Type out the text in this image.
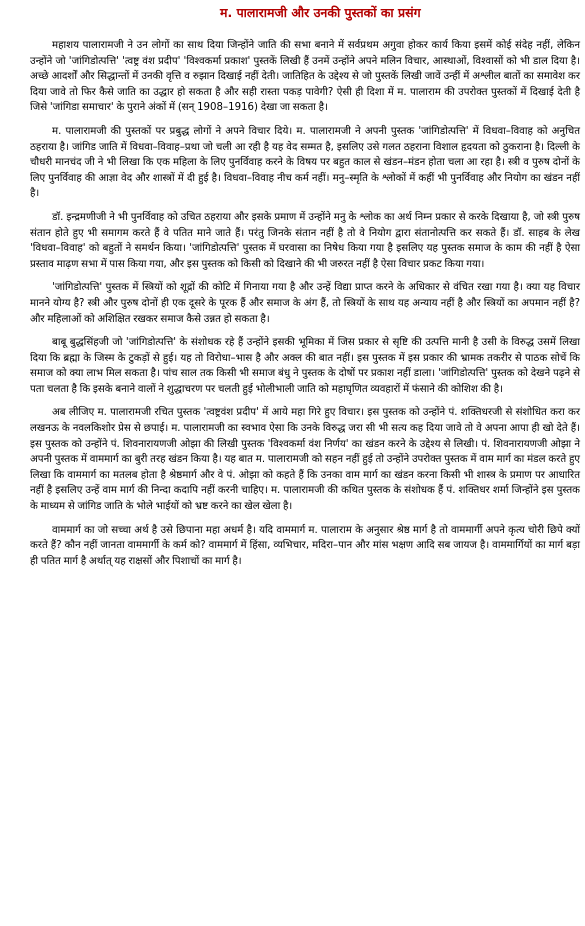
म. पालारामजी और उनकी पुस्तकों का प्रसंग

महाशय पालारामजी ने उन लोगों का साथ दिया जिन्होंने जाति की सभा बनाने में सर्वप्रथम अगुवा होकर कार्य किया इसमें कोई संदेह नहीं, लेकिन उन्होंने जो 'जांगिडोत्पत्ति' 'त्वष्ट्र वंश प्रदीप' 'विश्वकर्मा प्रकाश' पुस्तकें लिखी हैं उनमें उन्होंने अपने मलिन विचार, आस्थाओं, विश्वासों को भी डाल दिया है। अच्छे आदर्शों और सिद्धान्तों में उनकी वृत्ति व रुझान दिखाई नहीं देती। जातिहित के उद्देश्य से जो पुस्तकें लिखी जावें उन्हीं में अश्लील बातों का समावेश कर दिया जावे तो फिर कैसे जाति का उद्धार हो सकता है और सही रास्ता पकड़ पावेगी? ऐसी ही दिशा में म. पालाराम की उपरोक्त पुस्तकों में दिखाई देती है जिसे 'जांगिडा समाचार' के पुराने अंकों में (सन् 1908–1916) देखा जा सकता है।

म. पालारामजी की पुस्तकों पर प्रबुद्ध लोगों ने अपने विचार दिये। म. पालारामजी ने अपनी पुस्तक 'जांगिडोत्पत्ति' में विधवा–विवाह को अनुचित ठहराया है। जांगिड जाति में विधवा–विवाह–प्रथा जो चली आ रही है यह वेद सम्मत है, इसलिए उसे गलत ठहराना विशाल हृदयता को ठुकराना है। दिल्ली के चौधरी मानचंद जी ने भी लिखा कि एक महिला के लिए पुनर्विवाह करने के विषय पर बहुत काल से खंडन–मंडन होता चला आ रहा है। स्त्री व पुरुष दोनों के लिए पुनर्विवाह की आज्ञा वेद और शास्त्रों में दी हुई है। विधवा–विवाह नीच कर्म नहीं। मनु–स्मृति के श्लोकों में कहीं भी पुनर्विवाह और नियोग का खंडन नहीं है।

डॉ. इन्द्रमणीजी ने भी पुनर्विवाह को उचित ठहराया और इसके प्रमाण में उन्होंने मनु के श्लोक का अर्थ निम्न प्रकार से करके दिखाया है, जो स्त्री पुरुष संतान होते हुए भी समागम करते हैं वे पतित माने जाते हैं। परंतु जिनके संतान नहीं है तो वे नियोग द्वारा संतानोत्पत्ति कर सकते हैं। डॉ. साहब के लेख 'विधवा–विवाह' को बहुतों ने समर्थन किया। 'जांगिडोत्पत्ति' पुस्तक में घरवासा का निषेध किया गया है इसलिए यह पुस्तक समाज के काम की नहीं है ऐसा प्रस्ताव माढ़ण सभा में पास किया गया, और इस पुस्तक को किसी को दिखाने की भी जरुरत नहीं है ऐसा विचार प्रकट किया गया।

'जांगिडोत्पत्ति' पुस्तक में स्त्रियों को शूद्रों की कोटि में गिनाया गया है और उन्हें विद्या प्राप्त करने के अधिकार से वंचित रखा गया है। क्या यह विचार मानने योग्य है? स्त्री और पुरुष दोनों ही एक दूसरे के पूरक हैं और समाज के अंग हैं, तो स्त्रियों के साथ यह अन्याय नहीं है और स्त्रियों का अपमान नहीं है? और महिलाओं को अशिक्षित रखकर समाज कैसे उन्नत हो सकता है।

बाबू बुद्धसिंहजी जो 'जांगिडोत्पत्ति' के संशोधक रहे हैं उन्होंने इसकी भूमिका में जिस प्रकार से सृष्टि की उत्पत्ति मानी है उसी के विरुद्ध उसमें लिखा दिया कि ब्रह्मा के जिस्म के टुकड़ों से हुई। यह तो विरोधा–भास है और अक्ल की बात नहीं। इस पुस्तक में इस प्रकार की भ्रामक तकरीर से पाठक सोचें कि समाज को क्या लाभ मिल सकता है। पांच साल तक किसी भी समाज बंधु ने पुस्तक के दोषों पर प्रकाश नहीं डाला। 'जांगिडोत्पत्ति' पुस्तक को देखने पढ़ने से पता चलता है कि इसके बनाने वालों ने शुद्धाचरण पर चलती हुई भोलीभाली जाति को महाघृणित व्यवहारों में फंसाने की कोशिश की है।

अब लीजिए म. पालारामजी रचित पुस्तक 'त्वष्ट्रवंश प्रदीप' में आये महा गिरे हुए विचार। इस पुस्तक को उन्होंने पं. शक्तिधरजी से संशोधित करा कर लखनऊ के नवलकिशोर प्रेस से छपाई। म. पालारामजी का स्वभाव ऐसा कि उनके विरुद्ध जरा सी भी सत्य कह दिया जावे तो वे अपना आपा ही खो देते हैं। इस पुस्तक को उन्होंने पं. शिवनारायणजी ओझा की लिखी पुस्तक 'विश्वकर्मा वंश निर्णय' का खंडन करने के उद्देश्य से लिखी। पं. शिवनारायणजी ओझा ने अपनी पुस्तक में वाममार्ग का बुरी तरह खंडन किया है। यह बात म. पालारामजी को सहन नहीं हुई तो उन्होंने उपरोक्त पुस्तक में वाम मार्ग का मंडल करते हुए लिखा कि वाममार्ग का मतलब होता है श्रेष्ठमार्ग और वे पं. ओझा को कहते हैं कि उनका वाम मार्ग का खंडन करना किसी भी शास्त्र के प्रमाण पर आधारित नहीं है इसलिए उन्हें वाम मार्ग की निन्दा कदापि नहीं करनी चाहिए। म. पालारामजी की कथित पुस्तक के संशोधक हैं पं. शक्तिधर शर्मा जिन्होंने इस पुस्तक के माध्यम से जांगिड जाति के भोले भाईयों को भ्रष्ट करने का खेल खेला है।

वाममार्ग का जो सच्चा अर्थ है उसे छिपाना महा अधर्म है। यदि वाममार्ग म. पालाराम के अनुसार श्रेष्ठ मार्ग है तो वाममार्गी अपने कृत्य चोरी छिपे क्यों करते हैं? कौन नहीं जानता वाममार्गी के कर्म को? वाममार्ग में हिंसा, व्यभिचार, मदिरा–पान और मांस भक्षण आदि सब जायज है। वाममार्गियों का मार्ग बड़ा ही पतित मार्ग है अर्थात् यह राक्षसों और पिशाचों का मार्ग है।
